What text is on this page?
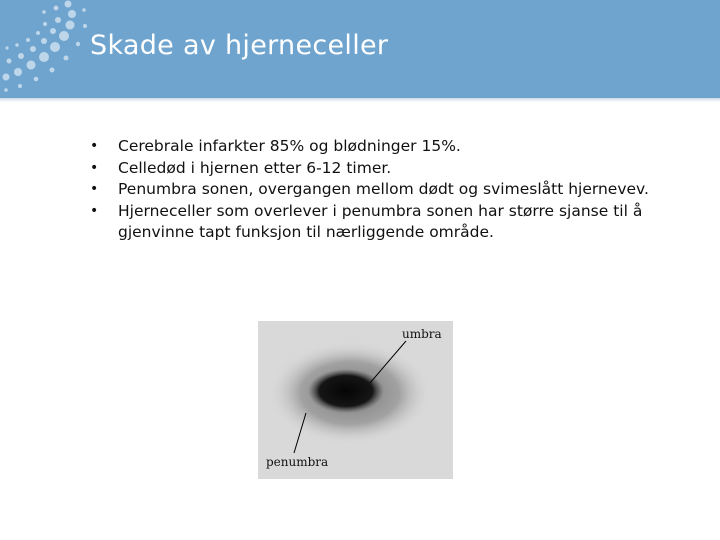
Skade av hjerneceller
• Cerebrale infarkter 85% og blødninger 15%.
• Celledød i hjernen etter 6-12 timer.
• Penumbra sonen, overgangen mellom dødt og svimeslått hjernevev.
• Hjerneceller som overlever i penumbra sonen har større sjanse til å gjenvinne tapt funksjon til nærliggende område.
umbra
penumbra
